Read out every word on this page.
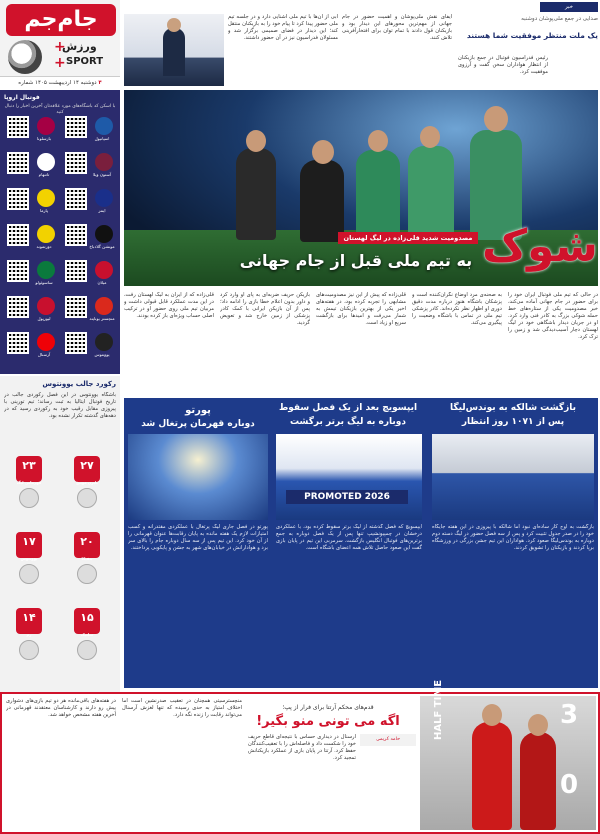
جام‌جم
ورزش
SPORT
+
+
۴ دوشنبه ۱۴ اردیبهشت ۱۴۰۵ شماره
فوتبال اروپا
با اسکن کد باشگاه‌های مورد علاقه‌تان آخرین اخبار را دنبال کنید
اسپانیول
بارسلونا
آستون ویلا
تاتنهام
اینتر
پارما
مونشن گلادباخ
دورتموند
میلان
ساسوئولو
منچستر یونایتد
لیورپول
یوونتوس
آرسنال
رکورد جالب یوونتوس
باشگاه یوونتوس در این فصل ركوردی جالب در تاریخ فوتبال ایتالیا به ثبت رساند؛ تیم تورینی با پیروزی مقابل رقیب خود به رکوردی رسید که در دهه‌های گذشته تکرار نشده بود.
۲۳
قهرمانی لیگ
۲۷
بایرن مونیخ
۱۷
یوونتوس
۲۰
بنفیکا
۱۴
رم
۱۵
سلتیک
ابی از آن‌ها با تیم ملی آشنایی دارد و در جلسه تیم ملی حضور پیدا کرد تا پیام خود را به بازیکنان منتقل کند؛ این دیدار در فضای صمیمی برگزار شد و مسئولان فدراسیون نیز در آن حضور داشتند.
ایفای نقش ملی‌پوشان و اهمیت حضور در جام جهانی از مهم‌ترین محورهای این دیدار بود و بازیکنان قول دادند با تمام توان برای افتخارآفرینی تلاش کنند.
خبر
صدایی در جمع ملی‌پوشان دوشنبه
یک ملت منتظر موفقیت شما هستند
رئیس فدراسیون فوتبال در جمع بازیکنان از انتظار هواداران سخن گفت و آرزوی موفقیت کرد.
مصدومیت شدید قلی‌زاده در لیگ لهستان شوک
به تیم ملی قبل از جام جهانی
قلی‌زاده که از ایران به لیگ لهستان رفت، در این مدت عملکرد قابل قبولی داشت و مربیان تیم ملی روی حضور او در ترکیب اصلی حساب ویژه‌ای باز کرده بودند.
بازیکن حریف ضربه‌ای به پای او وارد کرد و داور بدون اعلام خطا بازی را ادامه داد؛ پس از آن بازیکن ایرانی با کمک کادر پزشکی از زمین خارج شد و تعویض گردید.
قلی‌زاده که پیش از این نیز مصدومیت‌های مشابهی را تجربه کرده بود، در هفته‌های اخیر یکی از بهترین بازیکنان تیمش به شمار می‌رفت و امیدها برای بازگشت سریع او زیاد است.
به صحنه‌ی مرد اوضاع نگران‌کننده است و پزشکان باشگاه هنوز درباره مدت دقیق دوری او اظهار نظر نکرده‌اند. کادر پزشکی تیم ملی در تماس با باشگاه وضعیت را پیگیری می‌کند.
در حالی که تیم ملی فوتبال ایران خود را برای حضور در جام جهانی آماده می‌کند، خبر مصدومیت یکی از ستاره‌های خط حمله شوکی بزرگ به کادر فنی وارد کرد. او در جریان دیدار باشگاهی خود در لیگ لهستان دچار آسیب‌دیدگی شد و زمین را ترک کرد.
بازگشت شالکه به بوندس‌لیگا
پس از ۱۰۷۱ روز انتظار
بازگشت به اوج کار ساده‌ای نبود اما شالکه با پیروزی در این هفته جایگاه خود را در صدر جدول تثبیت کرد و پس از سه فصل حضور در لیگ دسته دوم دوباره به بوندس‌لیگا صعود کرد. هواداران این تیم جشن بزرگی در ورزشگاه برپا کردند و بازیکنان را تشویق کردند.
ایپسویچ بعد از یک فصل سقوط
دوباره به لیگ برتر برگشت
PROMOTED 2026
ایپسویچ که فصل گذشته از لیگ برتر سقوط کرده بود، با عملکردی درخشان در چمپیونشیپ تنها پس از یک فصل دوباره به جمع برترین‌های فوتبال انگلیس بازگشت. سرمربی این تیم در پایان بازی گفت این صعود حاصل تلاش همه اعضای باشگاه است.
پورتو
دوباره قهرمان پرتغال شد
پورتو در فصل جاری لیگ پرتغال با عملکردی مقتدرانه و کسب امتیازات لازم یک هفته مانده به پایان رقابت‌ها عنوان قهرمانی را از آن خود کرد. این تیم پس از سه سال دوباره جام را بالای سر برد و هوادارانش در خیابان‌های شهر به جشن و پایکوبی پرداختند.
در هفته‌های باقی‌مانده هر دو تیم بازی‌های دشواری پیش رو دارند و کارشناسان معتقدند قهرمانی در آخرین هفته مشخص خواهد شد.
منچسترسیتی همچنان در تعقیب صدرنشین است اما اختلاف امتیاز به حدی رسیده که تنها لغزش آرسنال می‌تواند رقابت را زنده نگه دارد.
قدم‌های محکم آرتتا برای فرار از پپ؛
اگه می تونی منو بگیر!
آرسنال در دیداری حساس با نتیجه‌ای قاطع حریف خود را شکست داد و فاصله‌اش را با تعقیب‌کنندگان حفظ کرد. آرتتا در پایان بازی از عملکرد بازیکنانش تمجید کرد.
حامد کریمی	HALF TIME	3
0
